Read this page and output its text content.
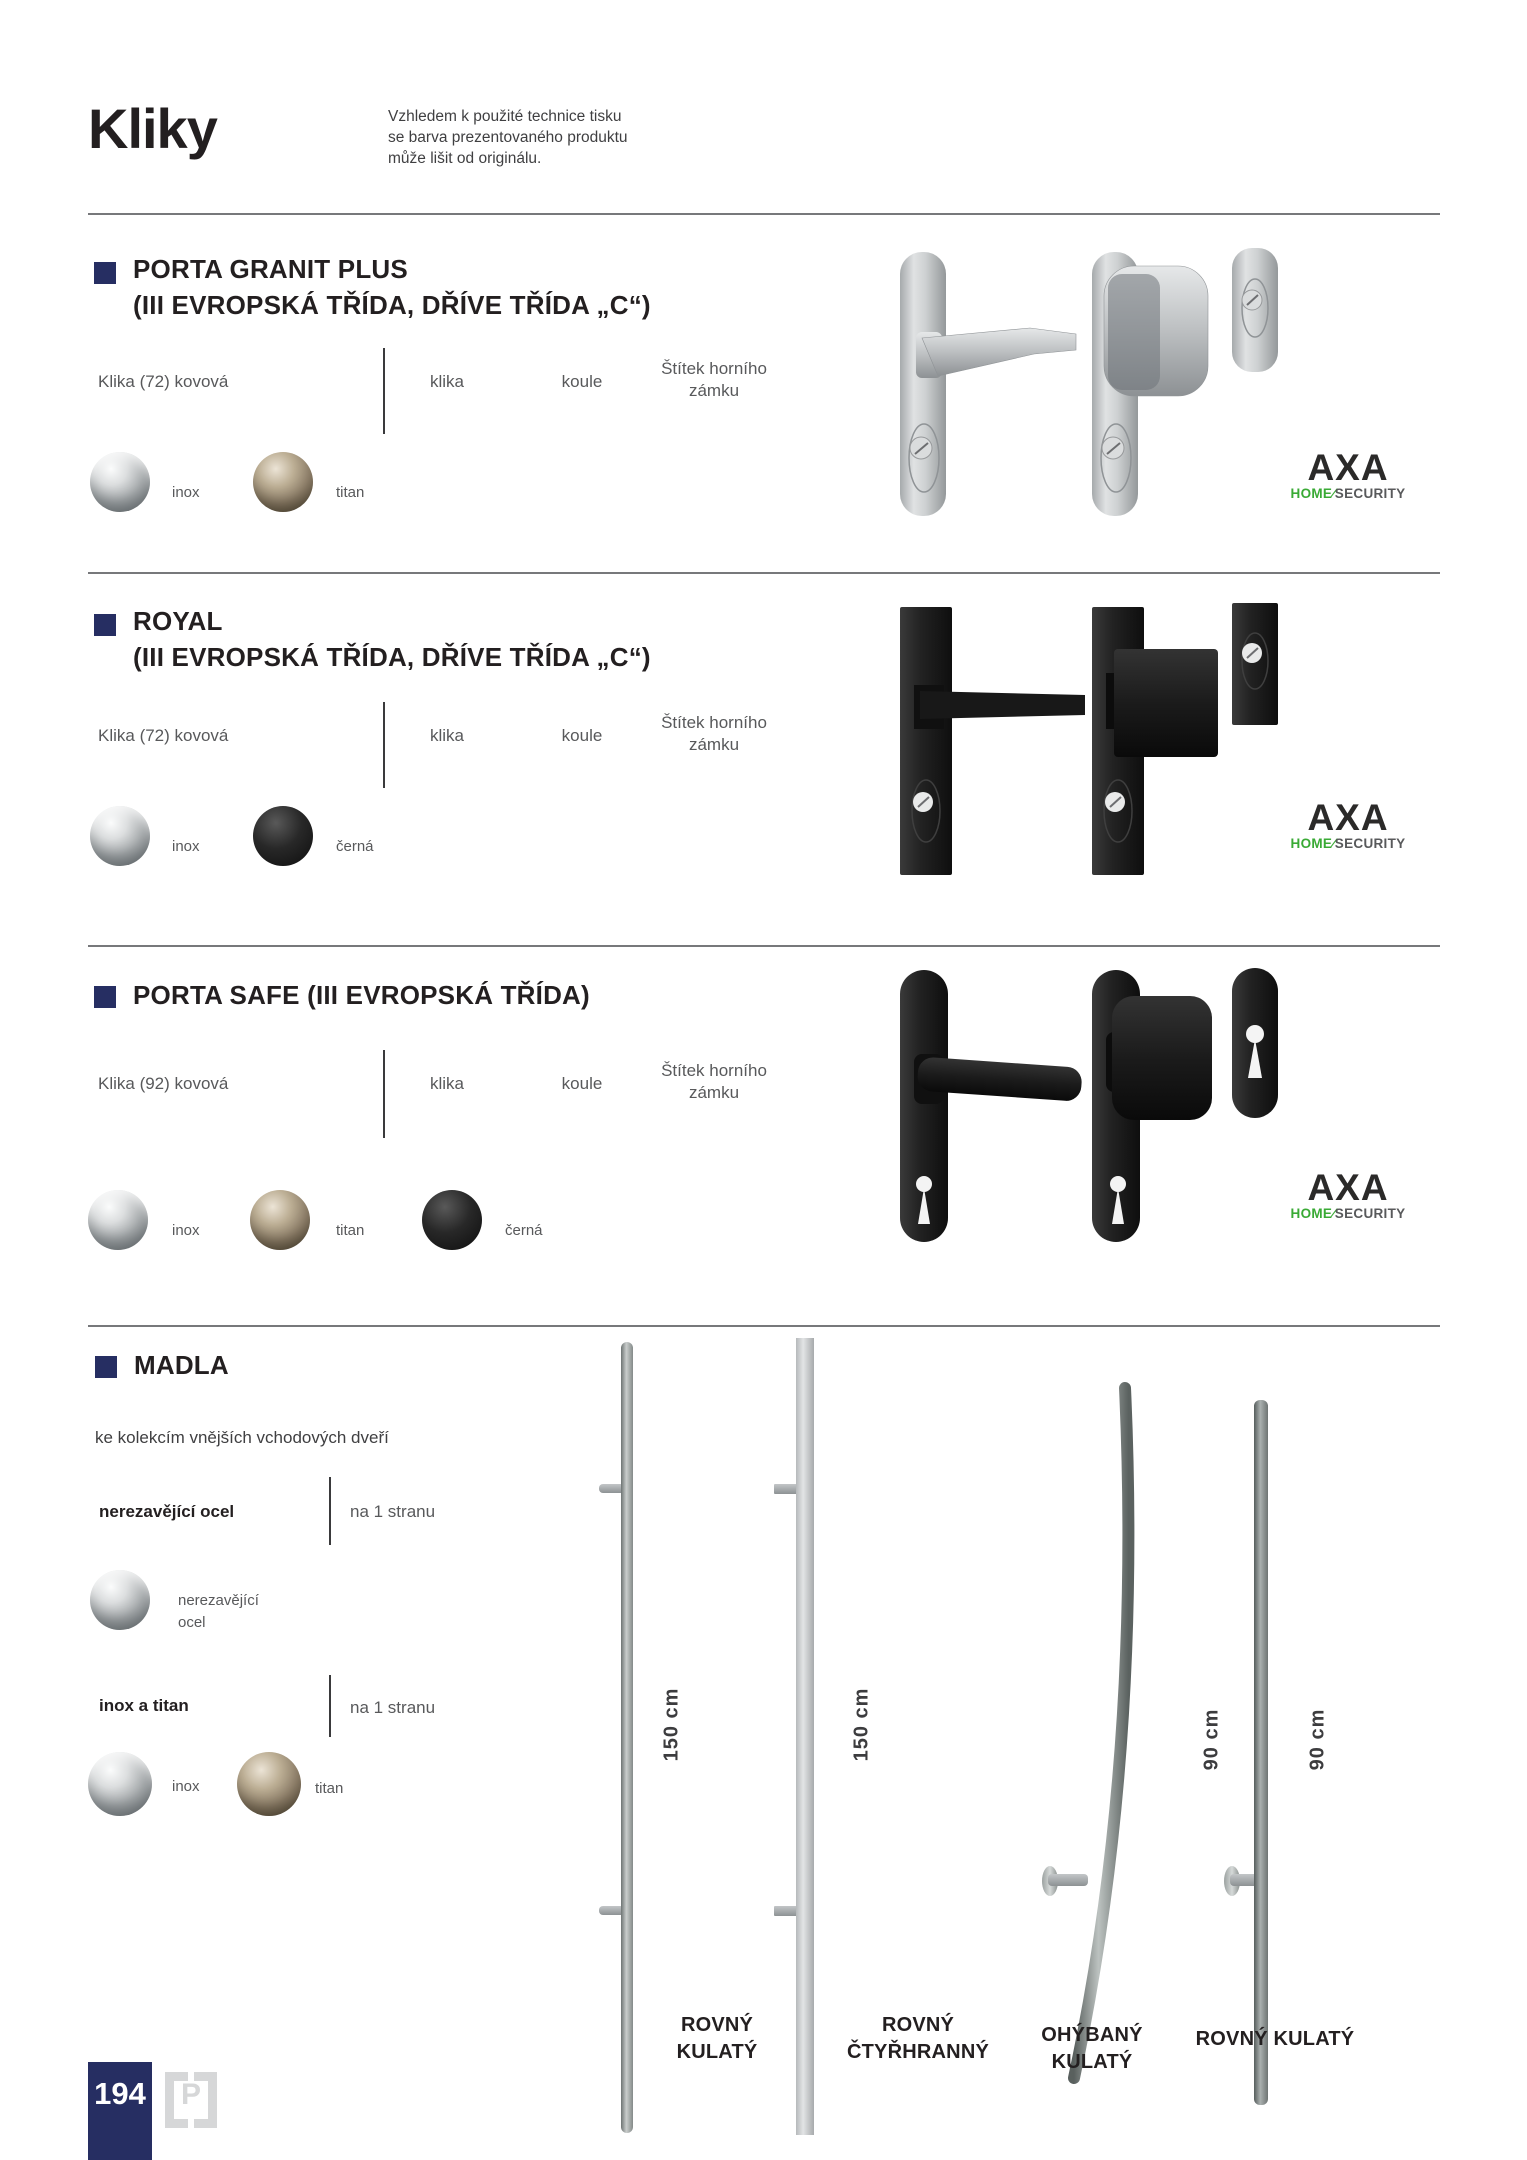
Kliky	Vzhledem k použité technice tisku
se barva prezentovaného produktu
může lišit od originálu.
PORTA GRANIT PLUS
(III EVROPSKÁ TŘÍDA, DŘÍVE TŘÍDA „C“)
Klika (72) kovová	klika	koule
Štítek horního zámku
inox	titan
AXA
HOME⁄SECURITY
ROYAL
(III EVROPSKÁ TŘÍDA, DŘÍVE TŘÍDA „C“)
Klika (72) kovová	klika	koule
Štítek horního zámku
inox	černá
AXA
HOME⁄SECURITY
PORTA SAFE (III EVROPSKÁ TŘÍDA)
Klika (92) kovová	klika	koule
Štítek horního zámku
inox	titan	černá
AXA
HOME⁄SECURITY
MADLA
ke kolekcím vnějších vchodových dveří
nerezavějící ocel	na 1 stranu
nerezavějící ocel
inox a titan	na 1 stranu
inox	titan
150 cm	150 cm	90 cm	90 cm
ROVNÝ KULATÝ
ROVNÝ ČTYŘHRANNÝ
OHÝBANÝ KULATÝ
ROVNÝ KULATÝ
194	P
